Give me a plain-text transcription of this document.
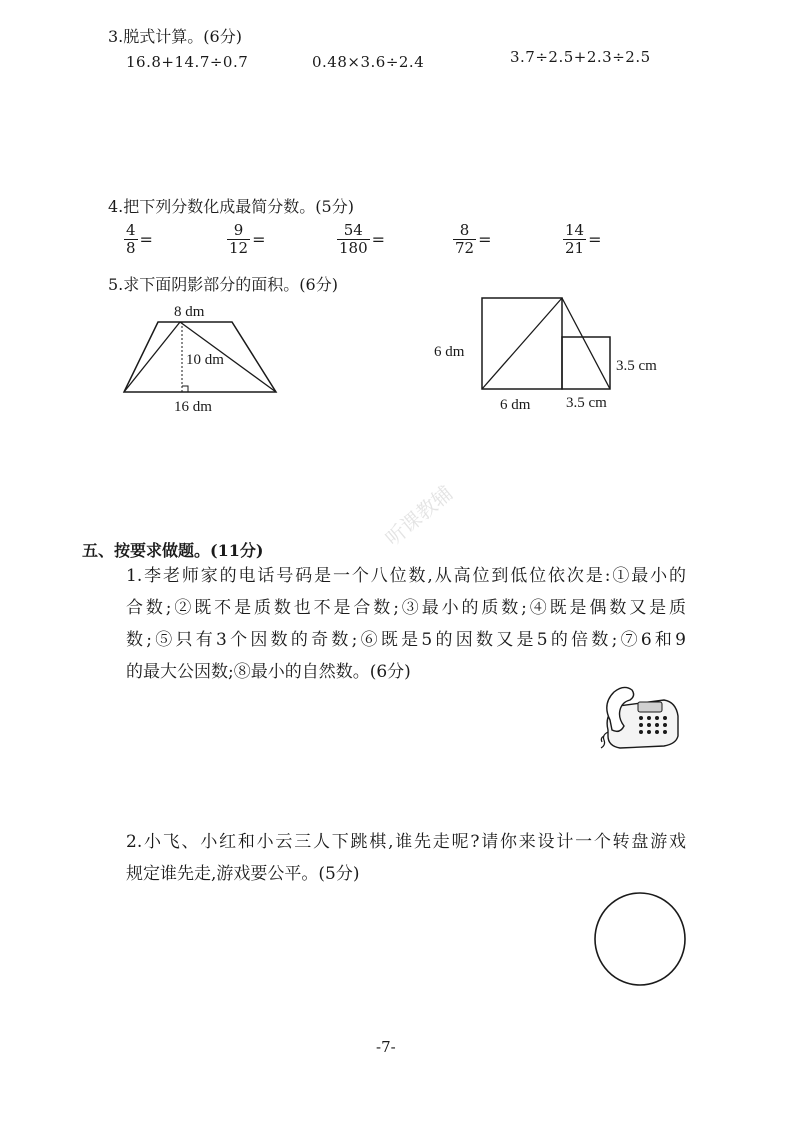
3.脱式计算。(6分)
16.8+14.7÷0.7	0.48×3.6÷2.4	3.7÷2.5+2.3÷2.5
4.把下列分数化成最简分数。(5分)
$\frac{4}{8}$ =	$\frac{9}{12}$ =	$\frac{54}{180}$ =	$\frac{8}{72}$ =	$\frac{14}{21}$ =
5.求下面阴影部分的面积。(6分)
8 dm
10 dm
16 dm
6 dm
6 dm 3.5 cm
3.5 cm
听课教辅
五、按要求做题。(11分)
1.李老师家的电话号码是一个八位数,从高位到低位依次是:①最小的
合数;②既不是质数也不是合数;③最小的质数;④既是偶数又是质
数;⑤只有3个因数的奇数;⑥既是5的因数又是5的倍数;⑦6和9
的最大公因数;⑧最小的自然数。(6分)
2.小飞、小红和小云三人下跳棋,谁先走呢?请你来设计一个转盘游戏
规定谁先走,游戏要公平。(5分)
-7-
